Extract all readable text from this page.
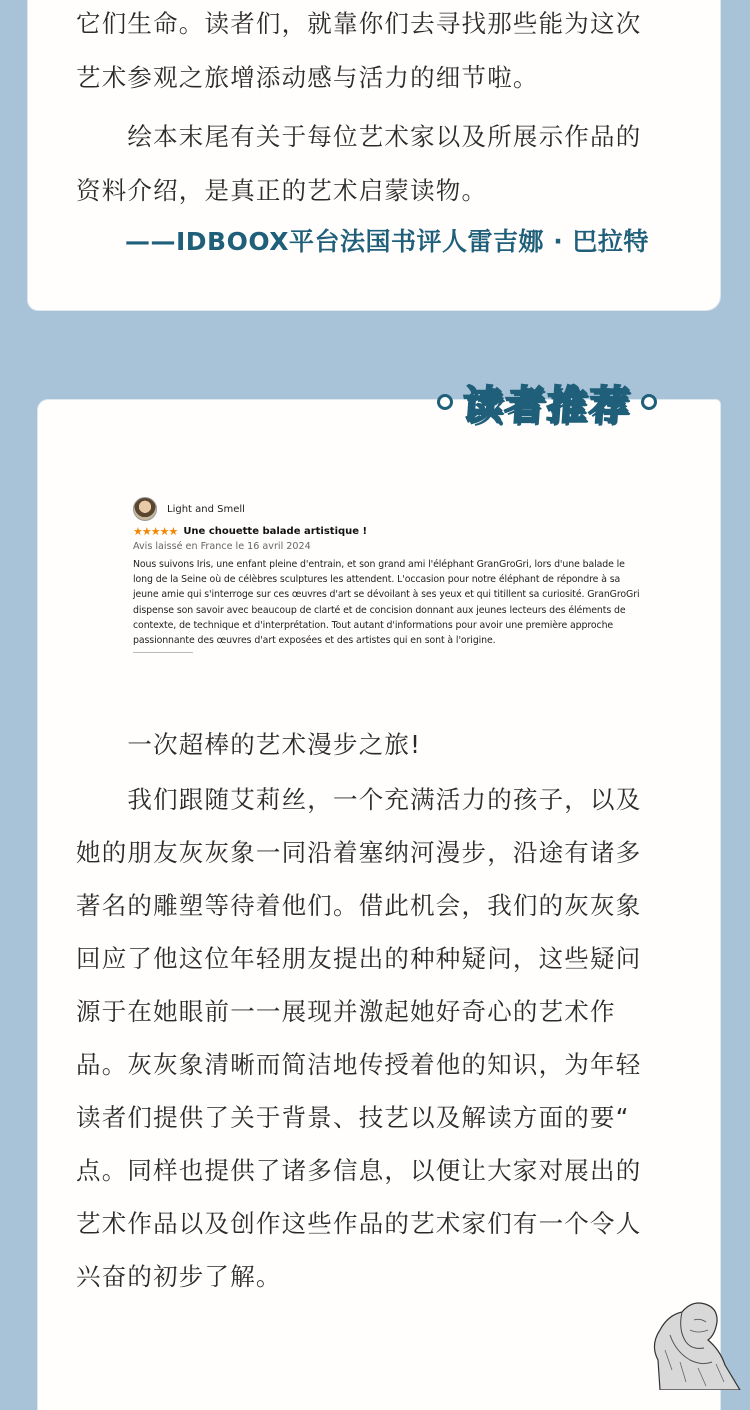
它们生命。读者们，就靠你们去寻找那些能为这次

艺术参观之旅增添动感与活力的细节啦。

　　绘本末尾有关于每位艺术家以及所展示作品的

资料介绍，是真正的艺术启蒙读物。

——IDBOOX平台法国书评人雷吉娜 · 巴拉特

读者推荐
Light and Smell
★★★★★ Une chouette balade artistique !
Avis laissé en France le 16 avril 2024
Nous suivons Iris, une enfant pleine d'entrain, et son grand ami l'éléphant GranGroGri, lors d'une balade le long de la Seine où de célèbres sculptures les attendent. L'occasion pour notre éléphant de répondre à sa jeune amie qui s'interroge sur ces œuvres d'art se dévoilant à ses yeux et qui titillent sa curiosité. GranGroGri dispense son savoir avec beaucoup de clarté et de concision donnant aux jeunes lecteurs des éléments de contexte, de technique et d'interprétation. Tout autant d'informations pour avoir une première approche passionnante des œuvres d'art exposées et des artistes qui en sont à l'origine.

　　一次超棒的艺术漫步之旅!

　　我们跟随艾莉丝，一个充满活力的孩子，以及

她的朋友灰灰象一同沿着塞纳河漫步，沿途有诸多

著名的雕塑等待着他们。借此机会，我们的灰灰象

回应了他这位年轻朋友提出的种种疑问，这些疑问

源于在她眼前一一展现并激起她好奇心的艺术作

品。灰灰象清晰而简洁地传授着他的知识，为年轻

读者们提供了关于背景、技艺以及解读方面的要“

点。同样也提供了诸多信息，以便让大家对展出的

艺术作品以及创作这些作品的艺术家们有一个令人

兴奋的初步了解。
